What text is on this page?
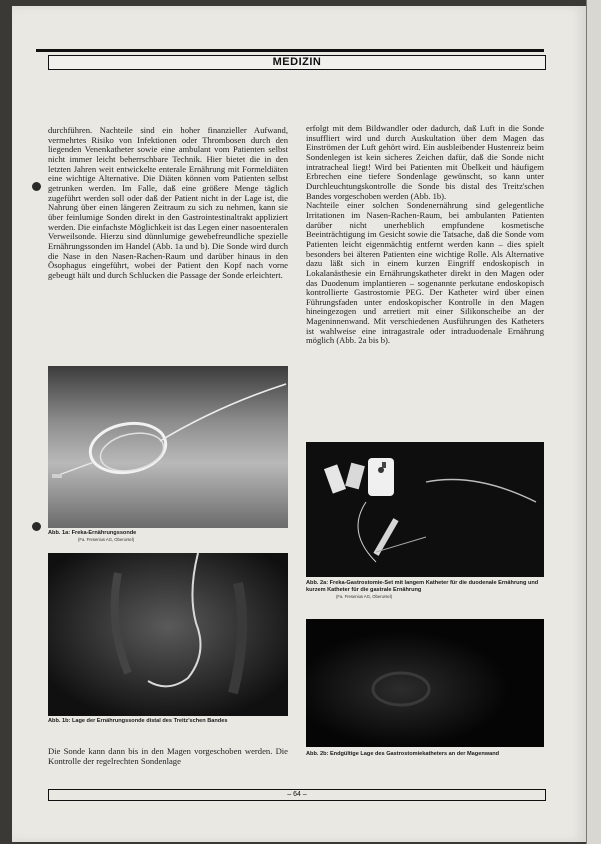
MEDIZIN

durchführen. Nachteile sind ein hoher finanzieller Aufwand, vermehrtes Risiko von Infektionen oder Thrombosen durch den liegenden Venenkatheter sowie eine ambulant vom Patienten selbst nicht immer leicht beherrschbare Technik. Hier bietet die in den letzten Jahren weit entwickelte enterale Ernährung mit Formeldiäten eine wichtige Alternative. Die Diäten können vom Patienten selbst getrunken werden. Im Falle, daß eine größere Menge täglich zugeführt werden soll oder daß der Patient nicht in der Lage ist, die Nahrung über einen längeren Zeitraum zu sich zu nehmen, kann sie über feinlumige Sonden direkt in den Gastrointestinaltrakt appliziert werden. Die einfachste Möglichkeit ist das Legen einer nasoenteralen Verweilsonde. Hierzu sind dünnlumige gewebefreundliche spezielle Ernährungssonden im Handel (Abb. 1a und b). Die Sonde wird durch die Nase in den Nasen-Rachen-Raum und darüber hinaus in den Ösophagus eingeführt, wobei der Patient den Kopf nach vorne gebeugt hält und durch Schlucken die Passage der Sonde erleichtert.

Abb. 1a: Freka-Ernährungssonde
(Fa. Fresenius AG, Oberursel)
Abb. 1b: Lage der Ernährungssonde distal des Treitz'schen Bandes
Die Sonde kann dann bis in den Magen vorgeschoben werden. Die Kontrolle der regelrechten Sondenlage

erfolgt mit dem Bildwandler oder dadurch, daß Luft in die Sonde insuffliert wird und durch Auskultation über dem Magen das Einströmen der Luft gehört wird. Ein ausbleibender Hustenreiz beim Sondenlegen ist kein sicheres Zeichen dafür, daß die Sonde nicht intratracheal liegt! Wird bei Patienten mit Übelkeit und häufigem Erbrechen eine tiefere Sondenlage gewünscht, so kann unter Durchleuchtungskontrolle die Sonde bis distal des Treitz'schen Bandes vorgeschoben werden (Abb. 1b).

Nachteile einer solchen Sondenernährung sind gelegentliche Irritationen im Nasen-Rachen-Raum, bei ambulanten Patienten darüber nicht unerheblich empfundene kosmetische Beeinträchtigung im Gesicht sowie die Tatsache, daß die Sonde vom Patienten leicht eigenmächtig entfernt werden kann – dies spielt besonders bei älteren Patienten eine wichtige Rolle. Als Alternative dazu läßt sich in einem kurzen Eingriff endoskopisch in Lokalanästhesie ein Ernährungskatheter direkt in den Magen oder das Duodenum implantieren – sogenannte perkutane endoskopisch kontrollierte Gastrostomie PEG. Der Katheter wird über einen Führungsfaden unter endoskopischer Kontrolle in den Magen hineingezogen und arretiert mit einer Silikonscheibe an der Mageninnenwand. Mit verschiedenen Ausführungen des Katheters ist wahlweise eine intragastrale oder intraduodenale Ernährung möglich (Abb. 2a bis b).

Abb. 2a: Freka-Gastrostomie-Set mit langem Katheter für die duodenale Ernährung und kurzem Katheter für die gastrale Ernährung
(Fa. Fresenius AG, Oberursel)
Abb. 2b: Endgültige Lage des Gastrostomiekatheters an der Magenwand
– 64 –
